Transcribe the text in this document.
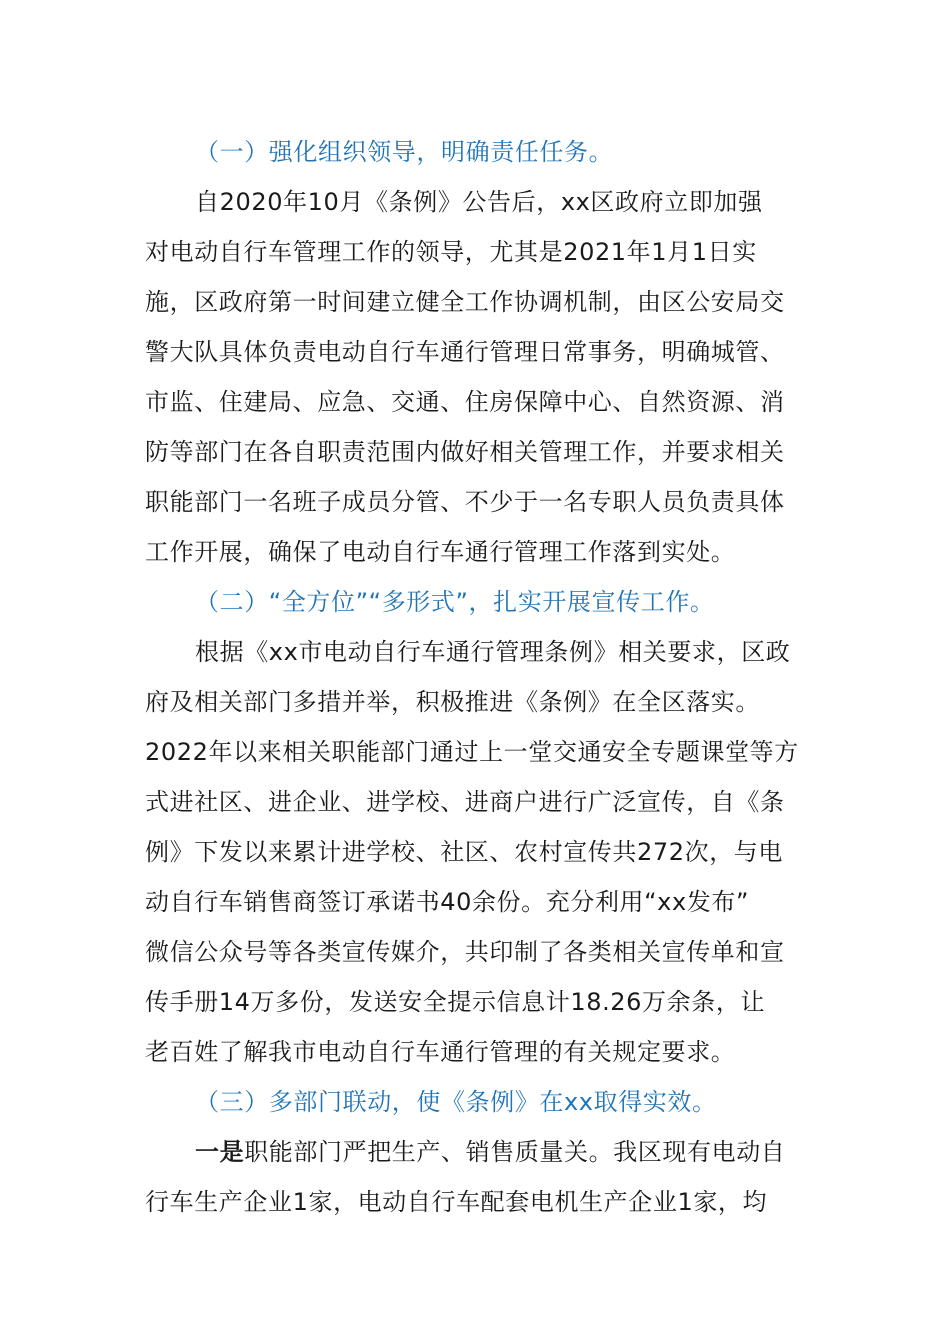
（一）强化组织领导，明确责任任务。
自2020年10月《条例》公告后，xx区政府立即加强
对电动自行车管理工作的领导，尤其是2021年1月1日实
施，区政府第一时间建立健全工作协调机制，由区公安局交
警大队具体负责电动自行车通行管理日常事务，明确城管、
市监、住建局、应急、交通、住房保障中心、自然资源、消
防等部门在各自职责范围内做好相关管理工作，并要求相关
职能部门一名班子成员分管、不少于一名专职人员负责具体
工作开展，确保了电动自行车通行管理工作落到实处。
（二）“全方位”“多形式”，扎实开展宣传工作。
根据《xx市电动自行车通行管理条例》相关要求，区政
府及相关部门多措并举，积极推进《条例》在全区落实。
2022年以来相关职能部门通过上一堂交通安全专题课堂等方
式进社区、进企业、进学校、进商户进行广泛宣传，自《条
例》下发以来累计进学校、社区、农村宣传共272次，与电
动自行车销售商签订承诺书40余份。充分利用“xx发布”
微信公众号等各类宣传媒介，共印制了各类相关宣传单和宣
传手册14万多份，发送安全提示信息计18.26万余条，让
老百姓了解我市电动自行车通行管理的有关规定要求。
（三）多部门联动，使《条例》在xx取得实效。
一是职能部门严把生产、销售质量关。我区现有电动自
行车生产企业1家，电动自行车配套电机生产企业1家，均
